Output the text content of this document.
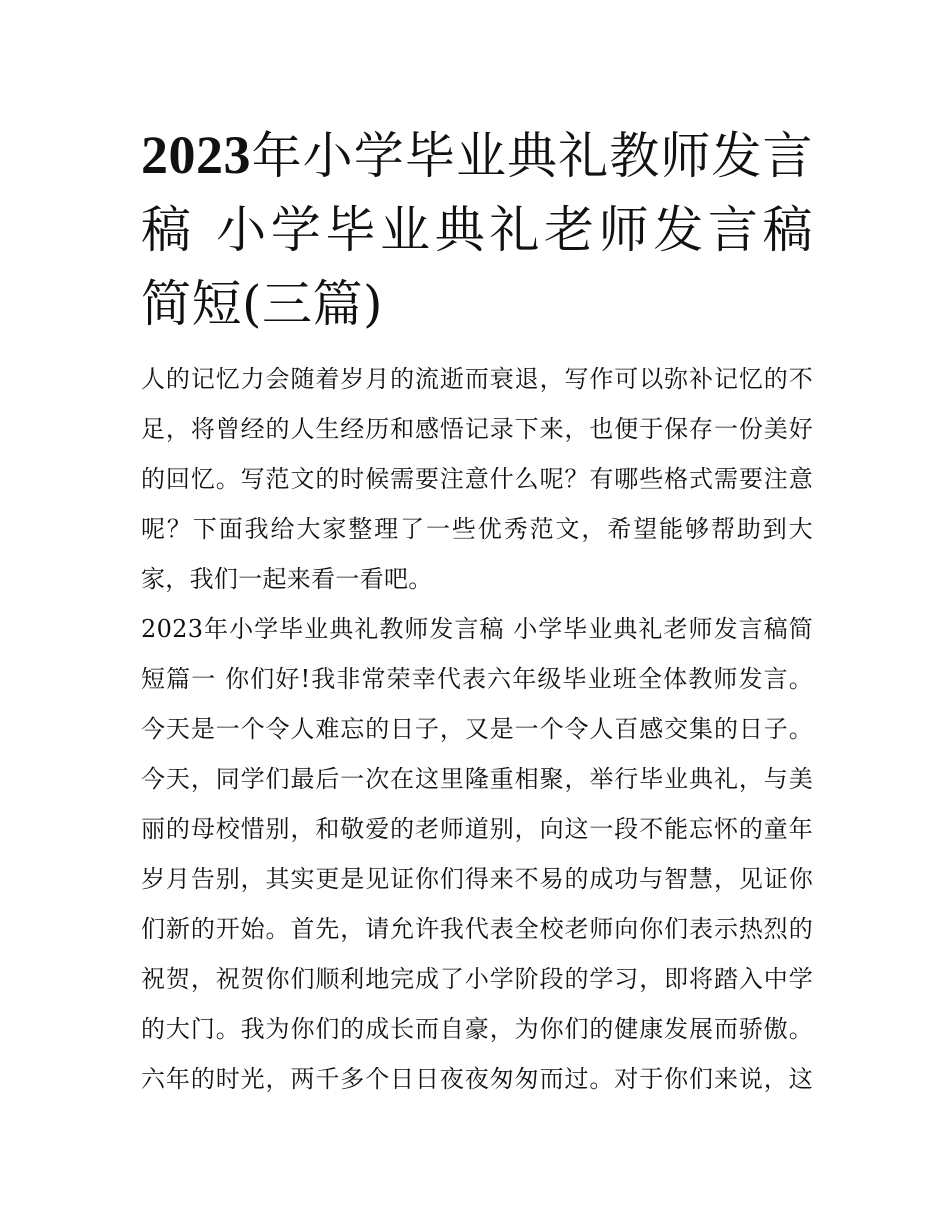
2023年小学毕业典礼教师发言稿 小学毕业典礼老师发言稿简短(三篇)

人的记忆力会随着岁月的流逝而衰退，写作可以弥补记忆的不足，将曾经的人生经历和感悟记录下来，也便于保存一份美好的回忆。写范文的时候需要注意什么呢？有哪些格式需要注意呢？下面我给大家整理了一些优秀范文，希望能够帮助到大家，我们一起来看一看吧。

2023年小学毕业典礼教师发言稿 小学毕业典礼老师发言稿简短篇一 你们好!我非常荣幸代表六年级毕业班全体教师发言。今天是一个令人难忘的日子，又是一个令人百感交集的日子。今天，同学们最后一次在这里隆重相聚，举行毕业典礼，与美丽的母校惜别，和敬爱的老师道别，向这一段不能忘怀的童年岁月告别，其实更是见证你们得来不易的成功与智慧，见证你们新的开始。首先，请允许我代表全校老师向你们表示热烈的祝贺，祝贺你们顺利地完成了小学阶段的学习，即将踏入中学的大门。我为你们的成长而自豪，为你们的健康发展而骄傲。六年的时光，两千多个日日夜夜匆匆而过。对于你们来说，这
